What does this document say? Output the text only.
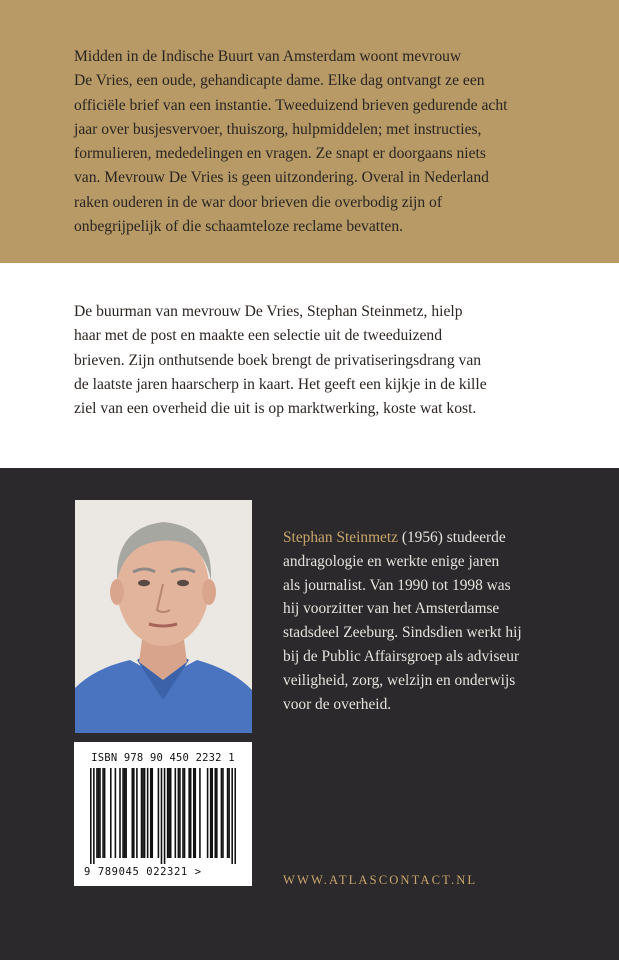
Midden in de Indische Buurt van Amsterdam woont mevrouw
De Vries, een oude, gehandicapte dame. Elke dag ontvangt ze een
officiële brief van een instantie. Tweeduizend brieven gedurende acht
jaar over busjesvervoer, thuiszorg, hulpmiddelen; met instructies,
formulieren, mededelingen en vragen. Ze snapt er doorgaans niets
van. Mevrouw De Vries is geen uitzondering. Overal in Nederland
raken ouderen in de war door brieven die overbodig zijn of
onbegrijpelijk of die schaamteloze reclame bevatten.
De buurman van mevrouw De Vries, Stephan Steinmetz, hielp
haar met de post en maakte een selectie uit de tweeduizend
brieven. Zijn onthutsende boek brengt de privatiseringsdrang van
de laatste jaren haarscherp in kaart. Het geeft een kijkje in de kille
ziel van een overheid die uit is op marktwerking, koste wat kost.
Stephan Steinmetz (1956) studeerde
andragologie en werkte enige jaren
als journalist. Van 1990 tot 1998 was
hij voorzitter van het Amsterdamse
stadsdeel Zeeburg. Sindsdien werkt hij
bij de Public Affairsgroep als adviseur
veiligheid, zorg, welzijn en onderwijs
voor de overheid.
ISBN 978 90 450 2232 1
9 789045 022321 >
WWW.ATLASCONTACT.NL
